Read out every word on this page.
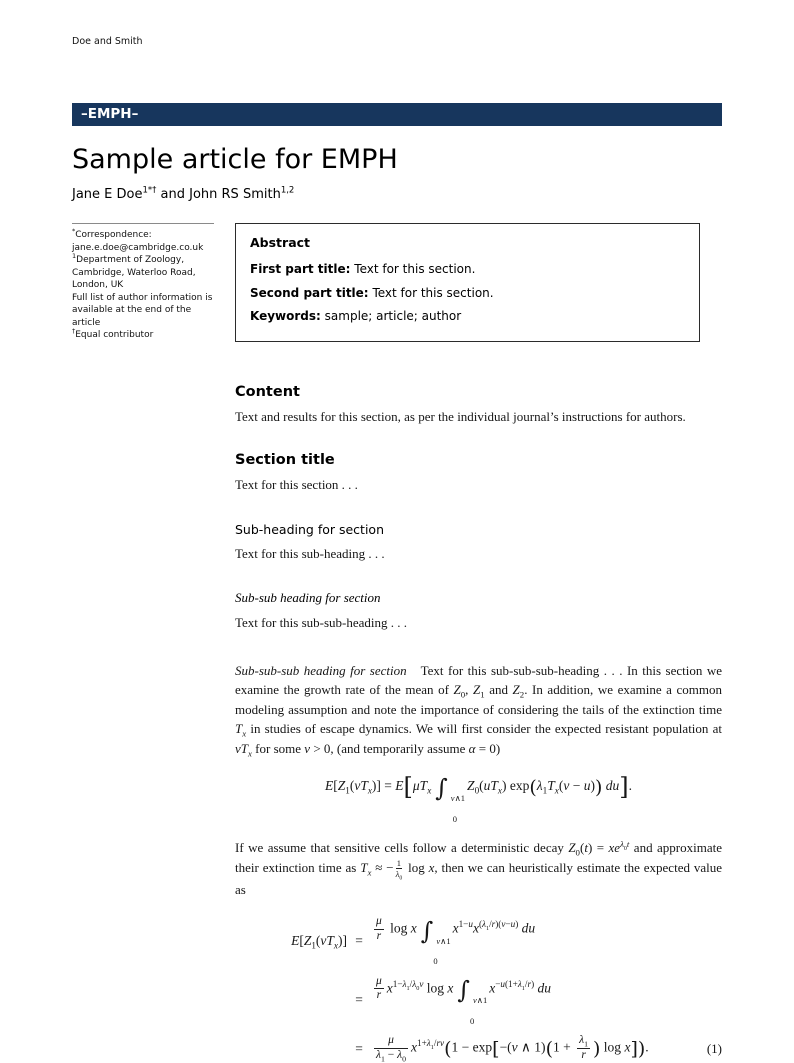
Doe and Smith
–EMPH–
Sample article for EMPH
Jane E Doe$^{1*\dagger}$ and John RS Smith$^{1,2}$
*Correspondence:
jane.e.doe@cambridge.co.uk
$^1$Department of Zoology,
Cambridge, Waterloo Road,
London, UK
Full list of author information is
available at the end of the article
†Equal contributor
Abstract
First part title: Text for this section.
Second part title: Text for this section.
Keywords: sample; article; author
Content

Text and results for this section, as per the individual journal’s instructions for authors.

Section title

Text for this section . . .

Sub-heading for section

Text for this sub-heading . . .

Sub-sub heading for section

Text for this sub-sub-heading . . .

Sub-sub-sub heading for section Text for this sub-sub-sub-heading . . . In this section we examine the growth rate of the mean of $Z_0$, $Z_1$ and $Z_2$. In addition, we examine a common modeling assumption and note the importance of considering the tails of the extinction time $T_x$ in studies of escape dynamics. We will first consider the expected resistant population at $vT_x$ for some v > 0, (and temporarily assume α = 0)

$E[Z_1(vT_x)] = E[\mu T_x$ ∫ v∧1
0
$Z_0(uT_x) \exp(\lambda_1T_x(v - u))$ du].

If we assume that sensitive cells follow a deterministic decay $Z_0(t) = xe^{\lambda_0t}$ and approximate their extinction time as $T_x$ ≈ − $\frac{1}{\lambda_0}$ log x, then we can heuristically estimate the expected value as

$E[Z_1(vT_x)] = \frac{\mu}{r}$ log x ∫ v∧1
0
$x^{1-u}x^{(\lambda_1/r)(v-u)}$ du
= $\frac{\mu}{r} x^{1-\lambda_1/\lambda_0v}$ log x ∫ v∧1
0
$x^{-u(1+\lambda_1/r)}$ du
= $\frac{\mu}{\lambda_1 - \lambda_0} x^{1+\lambda_1/rv}(1 - \exp[-(v$ ∧ $1)(1 + \frac{\lambda_1}{r}$ ) log x]).	(1)
